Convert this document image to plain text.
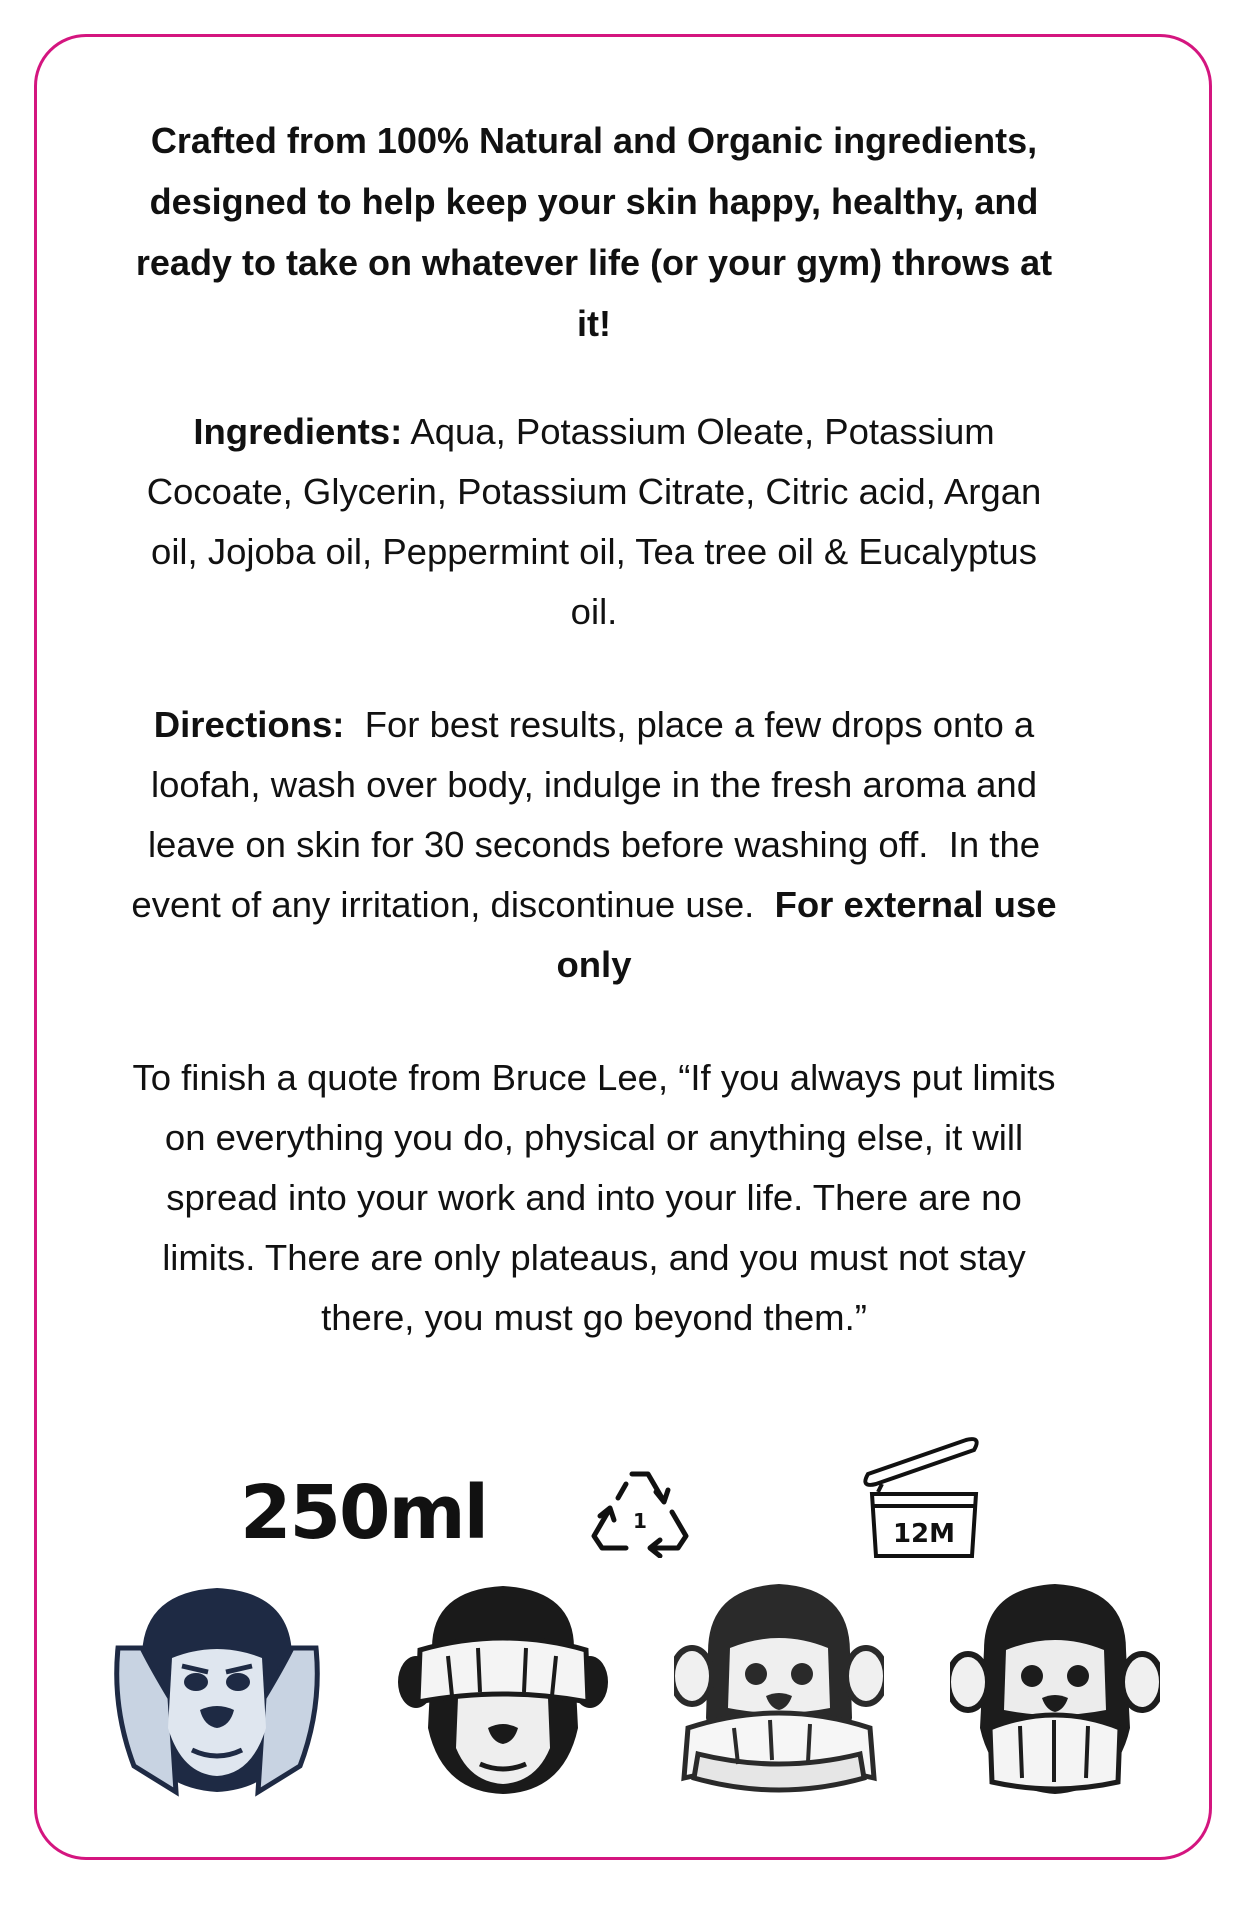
Crafted from 100% Natural and Organic ingredients, designed to help keep your skin happy, healthy, and ready to take on whatever life (or your gym) throws at it!

Ingredients: Aqua, Potassium Oleate, Potassium Cocoate, Glycerin, Potassium Citrate, Citric acid, Argan oil, Jojoba oil, Peppermint oil, Tea tree oil & Eucalyptus oil.

Directions:  For best results, place a few drops onto a loofah, wash over body, indulge in the fresh aroma and leave on skin for 30 seconds before washing off.  In the event of any irritation, discontinue use.  For external use only

To finish a quote from Bruce Lee, “If you always put limits on everything you do, physical or anything else, it will spread into your work and into your life. There are no limits. There are only plateaus, and you must not stay there, you must go beyond them.”

250ml	1	12M
